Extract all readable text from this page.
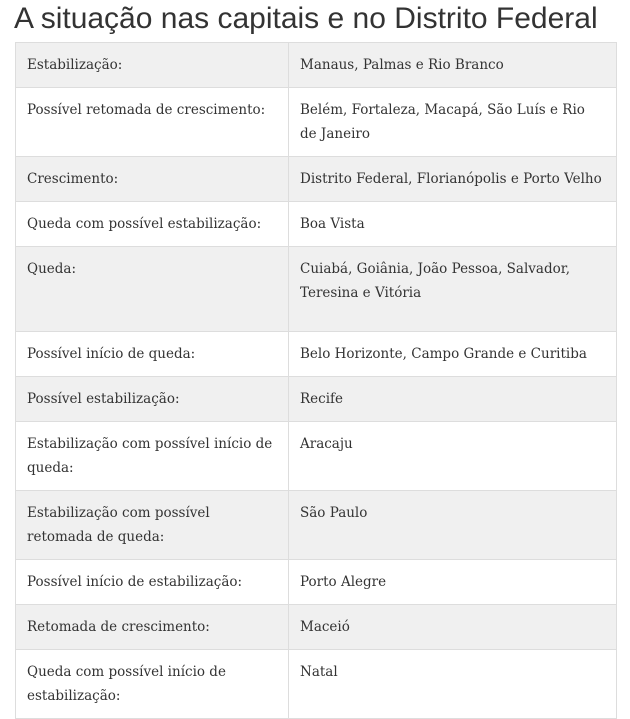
A situação nas capitais e no Distrito Federal
Estabilização:	Manaus, Palmas e Rio Branco
Possível retomada de crescimento:	Belém, Fortaleza, Macapá, São Luís e Rio de Janeiro
Crescimento:	Distrito Federal, Florianópolis e Porto Velho
Queda com possível estabilização:	Boa Vista
Queda:	Cuiabá, Goiânia, João Pessoa, Salvador, Teresina e Vitória
Possível início de queda:	Belo Horizonte, Campo Grande e Curitiba
Possível estabilização:	Recife
Estabilização com possível início de queda:	Aracaju
Estabilização com possível retomada de queda:	São Paulo
Possível início de estabilização:	Porto Alegre
Retomada de crescimento:	Maceió
Queda com possível início de estabilização:	Natal
